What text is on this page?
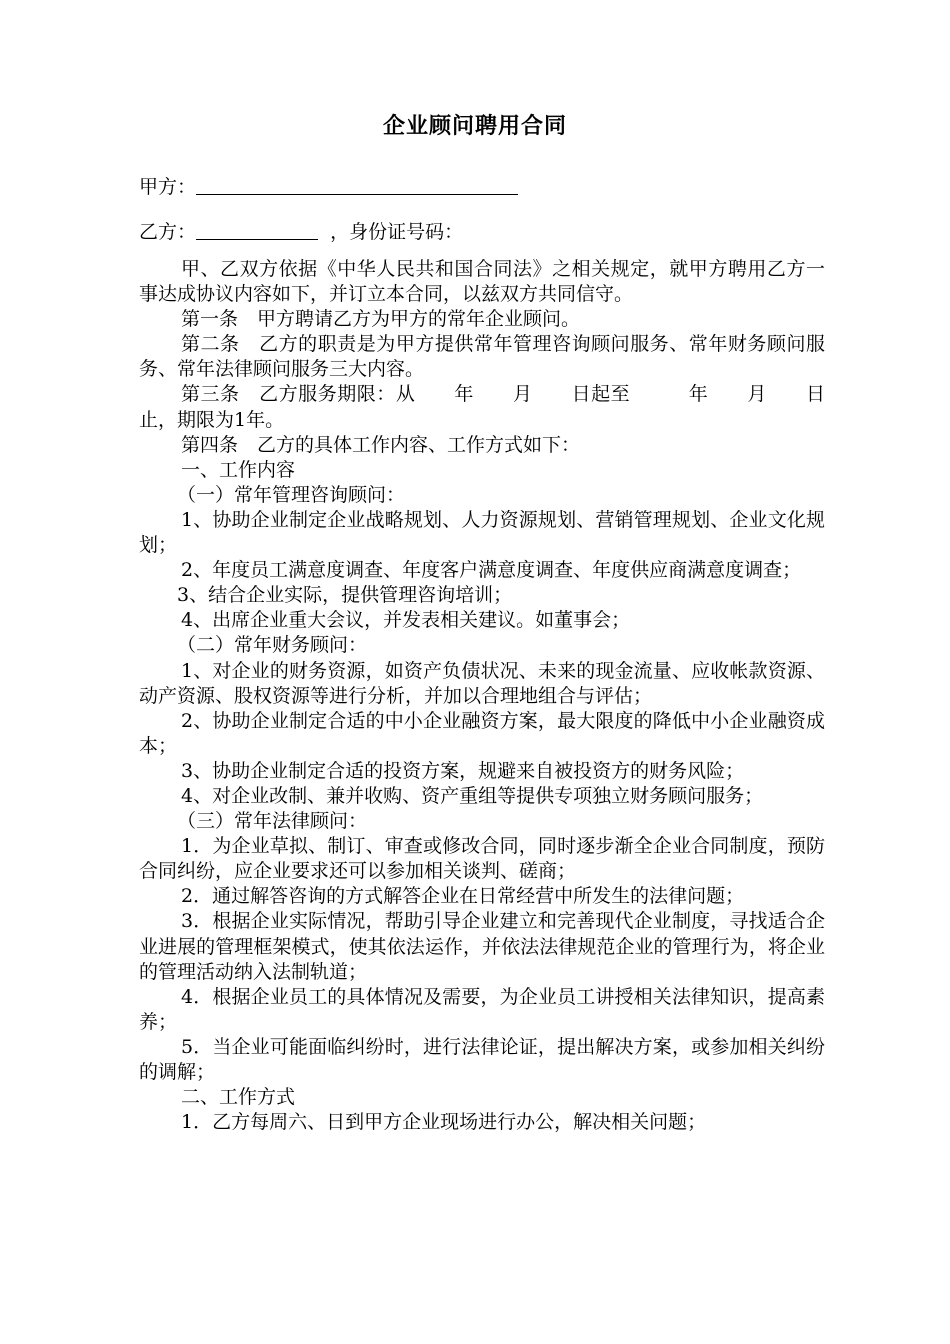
企业顾问聘用合同
甲方：
乙方：	，身份证号码：

甲、乙双方依据《中华人民共和国合同法》之相关规定，就甲方聘用乙方一事达成协议内容如下，并订立本合同，以兹双方共同信守。

第一条　甲方聘请乙方为甲方的常年企业顾问。

第二条　乙方的职责是为甲方提供常年管理咨询顾问服务、常年财务顾问服务、常年法律顾问服务三大内容。

第三条　乙方服务期限：从　　年　　月　　日起至　　　年　　月　　日止，期限为1年。

第四条　乙方的具体工作内容、工作方式如下：

一、工作内容

（一）常年管理咨询顾问：

1、协助企业制定企业战略规划、人力资源规划、营销管理规划、企业文化规划；

2、年度员工满意度调查、年度客户满意度调查、年度供应商满意度调查；

3、结合企业实际，提供管理咨询培训；

4、出席企业重大会议，并发表相关建议。如董事会；

（二）常年财务顾问：

1、对企业的财务资源，如资产负债状况、未来的现金流量、应收帐款资源、动产资源、股权资源等进行分析，并加以合理地组合与评估；

2、协助企业制定合适的中小企业融资方案，最大限度的降低中小企业融资成本；

3、协助企业制定合适的投资方案，规避来自被投资方的财务风险；

4、对企业改制、兼并收购、资产重组等提供专项独立财务顾问服务；

（三）常年法律顾问：

1．为企业草拟、制订、审查或修改合同，同时逐步渐全企业合同制度，预防合同纠纷，应企业要求还可以参加相关谈判、磋商；

2．通过解答咨询的方式解答企业在日常经营中所发生的法律问题；

3．根据企业实际情况，帮助引导企业建立和完善现代企业制度，寻找适合企业进展的管理框架模式，使其依法运作，并依法法律规范企业的管理行为，将企业的管理活动纳入法制轨道；

4．根据企业员工的具体情况及需要，为企业员工讲授相关法律知识，提高素养；

5．当企业可能面临纠纷时，进行法律论证，提出解决方案，或参加相关纠纷的调解；

二、工作方式

1．乙方每周六、日到甲方企业现场进行办公，解决相关问题；
